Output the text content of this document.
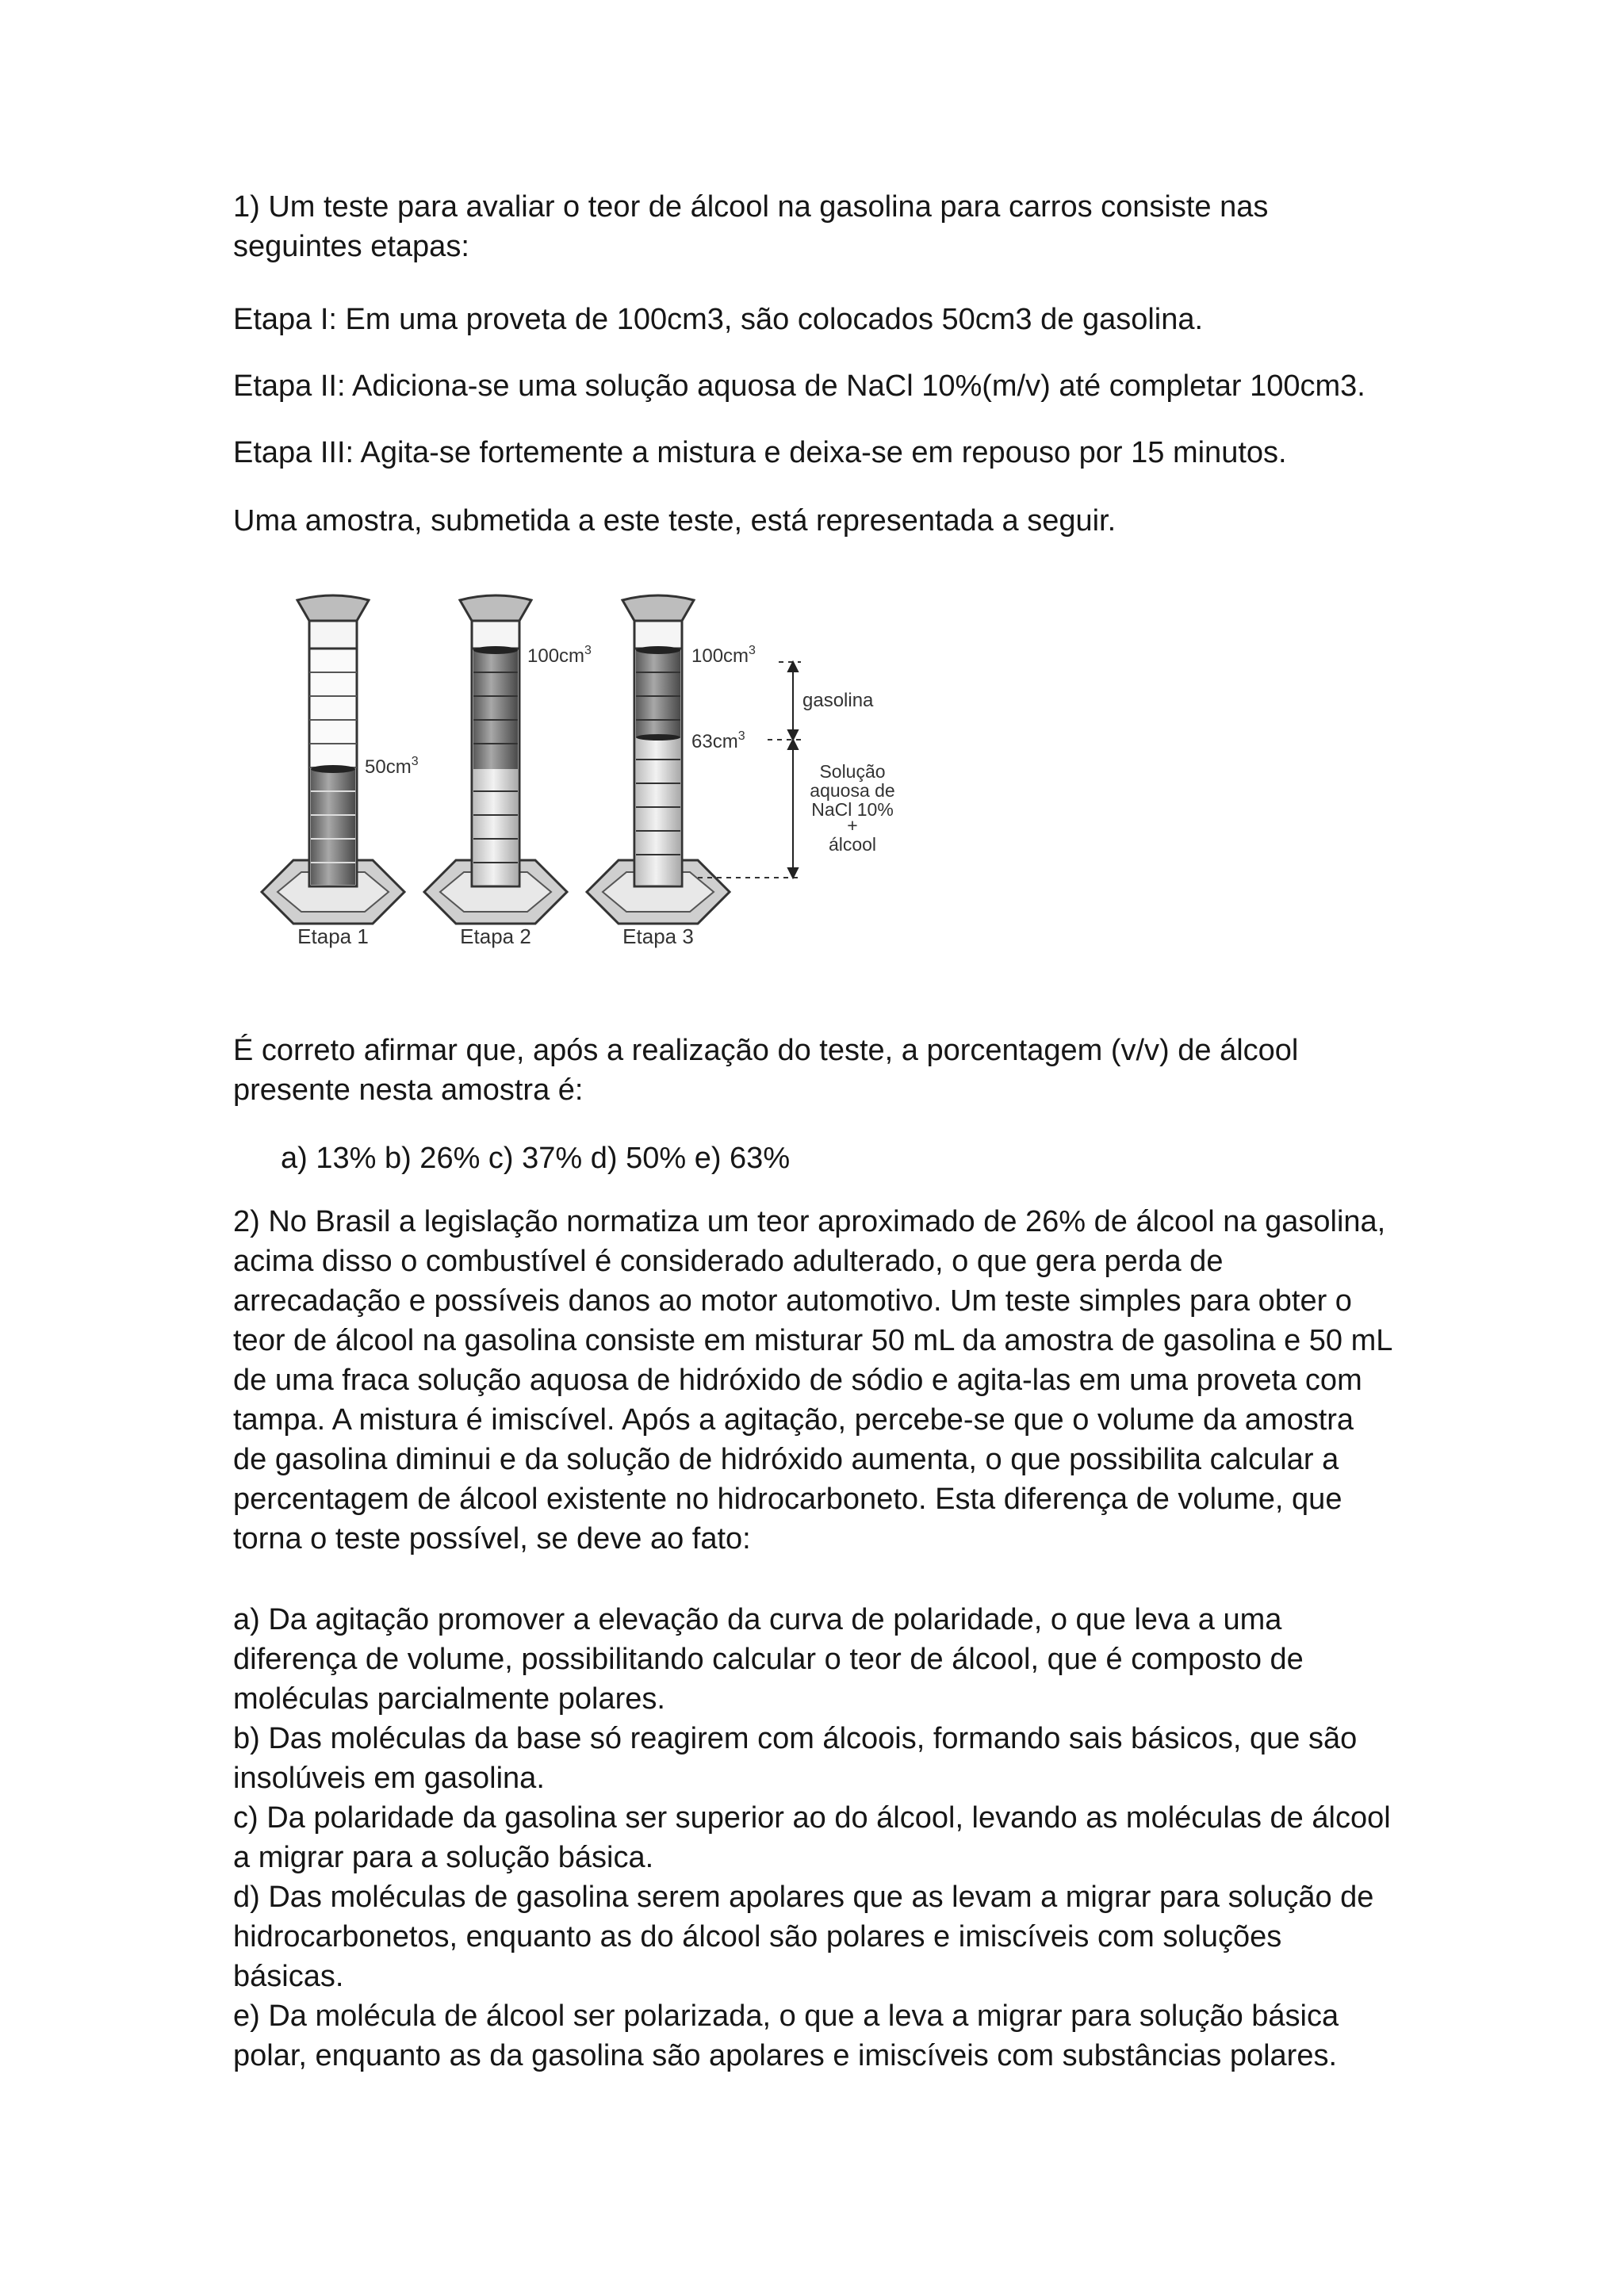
1) Um teste para avaliar o teor de álcool na gasolina para carros consiste nas
seguintes etapas:

Etapa I: Em uma proveta de 100cm3, são colocados 50cm3 de gasolina.

Etapa II: Adiciona-se uma solução aquosa de NaCl 10%(m/v) até completar 100cm3.

Etapa III: Agita-se fortemente a mistura e deixa-se em repouso por 15 minutos.

Uma amostra, submetida a este teste, está representada a seguir.

$50cm^3$
$100cm^3$	$100cm^3$
$63cm^3$
gasolina
Solução
aquosa de
NaCl 10%
+
álcool
Etapa 1	Etapa 2	Etapa 3

É correto afirmar que, após a realização do teste, a porcentagem (v/v) de álcool
presente nesta amostra é:

a) 13% b) 26% c) 37% d) 50% e) 63%

2) No Brasil a legislação normatiza um teor aproximado de 26% de álcool na gasolina,
acima disso o combustível é considerado adulterado, o que gera perda de
arrecadação e possíveis danos ao motor automotivo. Um teste simples para obter o
teor de álcool na gasolina consiste em misturar 50 mL da amostra de gasolina e 50 mL
de uma fraca solução aquosa de hidróxido de sódio e agita-las em uma proveta com
tampa. A mistura é imiscível. Após a agitação, percebe-se que o volume da amostra
de gasolina diminui e da solução de hidróxido aumenta, o que possibilita calcular a
percentagem de álcool existente no hidrocarboneto. Esta diferença de volume, que
torna o teste possível, se deve ao fato:

a) Da agitação promover a elevação da curva de polaridade, o que leva a uma
diferença de volume, possibilitando calcular o teor de álcool, que é composto de
moléculas parcialmente polares.
b) Das moléculas da base só reagirem com álcoois, formando sais básicos, que são
insolúveis em gasolina.
c) Da polaridade da gasolina ser superior ao do álcool, levando as moléculas de álcool
a migrar para a solução básica.
d) Das moléculas de gasolina serem apolares que as levam a migrar para solução de
hidrocarbonetos, enquanto as do álcool são polares e imiscíveis com soluções
básicas.
e) Da molécula de álcool ser polarizada, o que a leva a migrar para solução básica
polar, enquanto as da gasolina são apolares e imiscíveis com substâncias polares.
